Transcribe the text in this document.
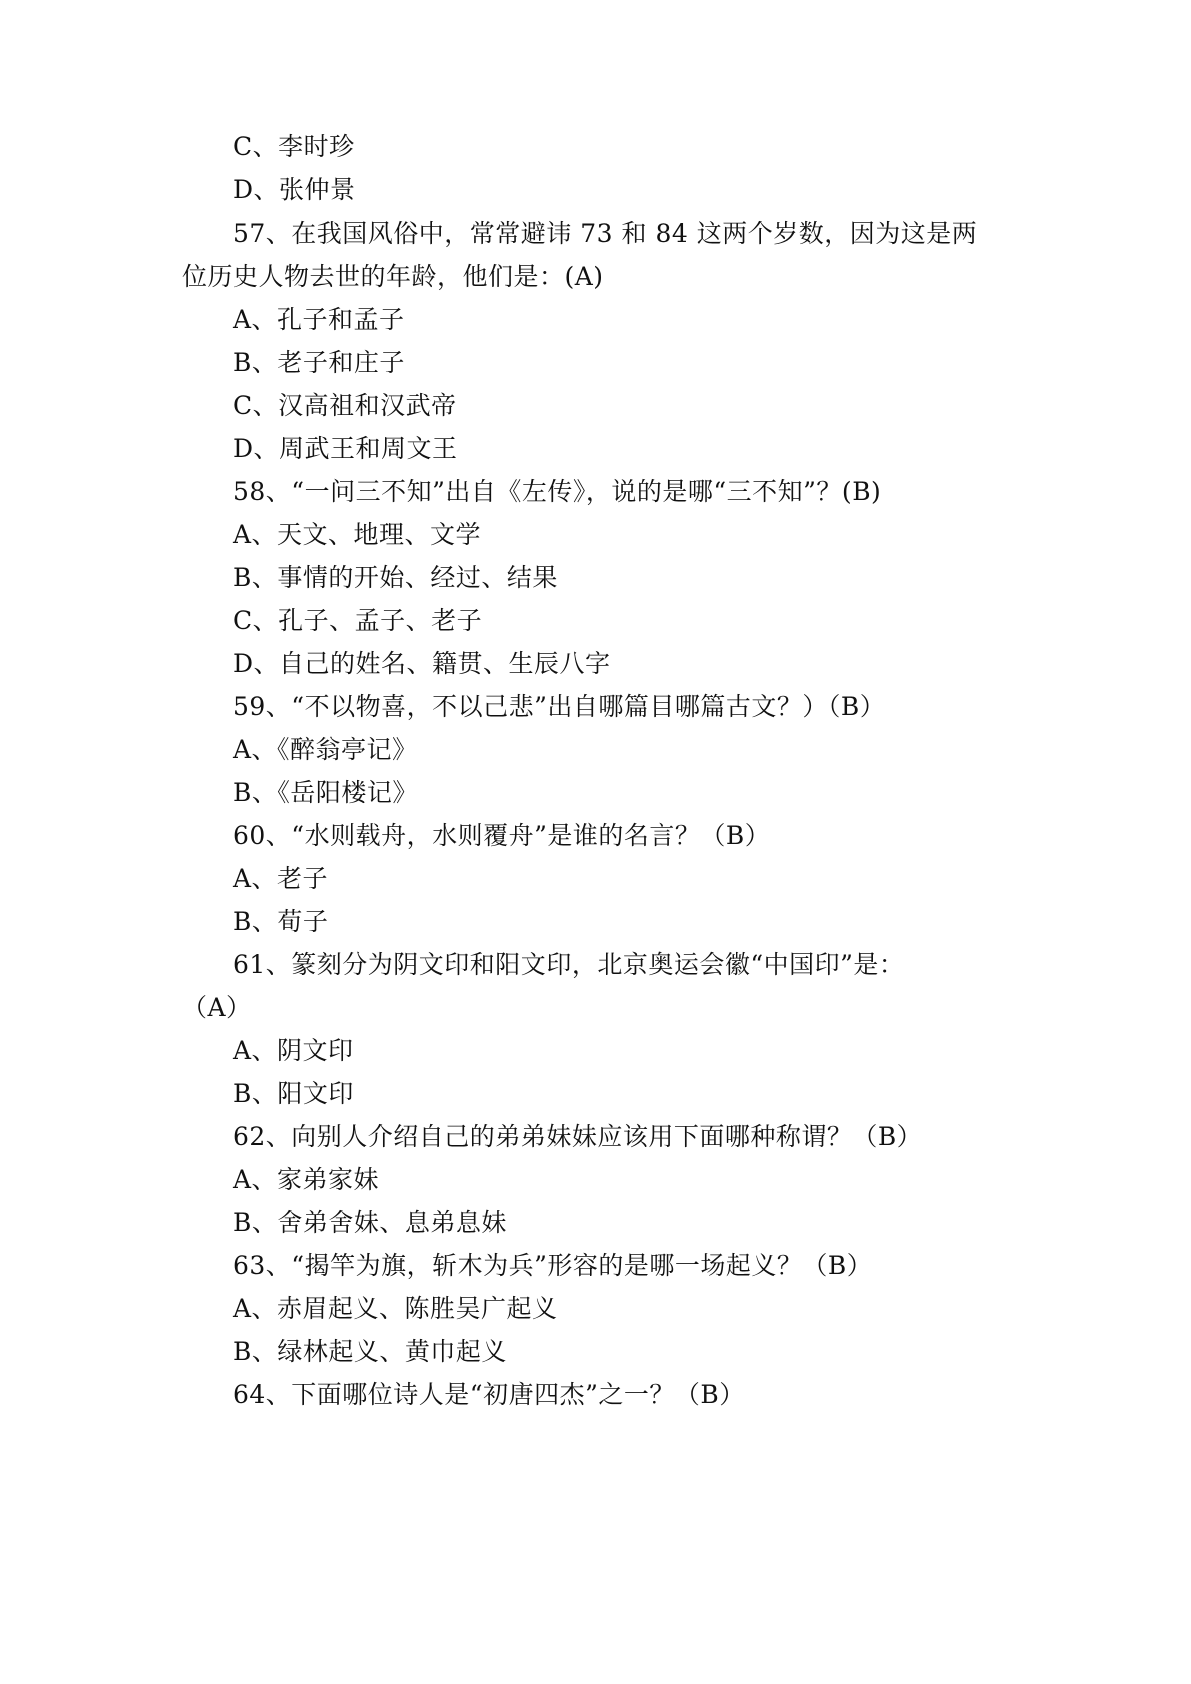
C、李时珍
D、张仲景
57、在我国风俗中，常常避讳 73 和 84 这两个岁数，因为这是两
位历史人物去世的年龄，他们是：(A)
A、孔子和孟子
B、老子和庄子
C、汉高祖和汉武帝
D、周武王和周文王
58、“一问三不知”出自《左传》，说的是哪“三不知”？(B)
A、天文、地理、文学
B、事情的开始、经过、结果
C、孔子、孟子、老子
D、自己的姓名、籍贯、生辰八字
59、“不以物喜，不以己悲”出自哪篇目哪篇古文？）（B）
A、《醉翁亭记》
B、《岳阳楼记》
60、“水则载舟，水则覆舟”是谁的名言？（B）
A、老子
B、荀子
61、篆刻分为阴文印和阳文印，北京奥运会徽“中国印”是：
（A）
A、阴文印
B、阳文印
62、向别人介绍自己的弟弟妹妹应该用下面哪种称谓？（B）
A、家弟家妹
B、舍弟舍妹、息弟息妹
63、“揭竿为旗，斩木为兵”形容的是哪一场起义？（B）
A、赤眉起义、陈胜吴广起义
B、绿林起义、黄巾起义
64、下面哪位诗人是“初唐四杰”之一？（B）
